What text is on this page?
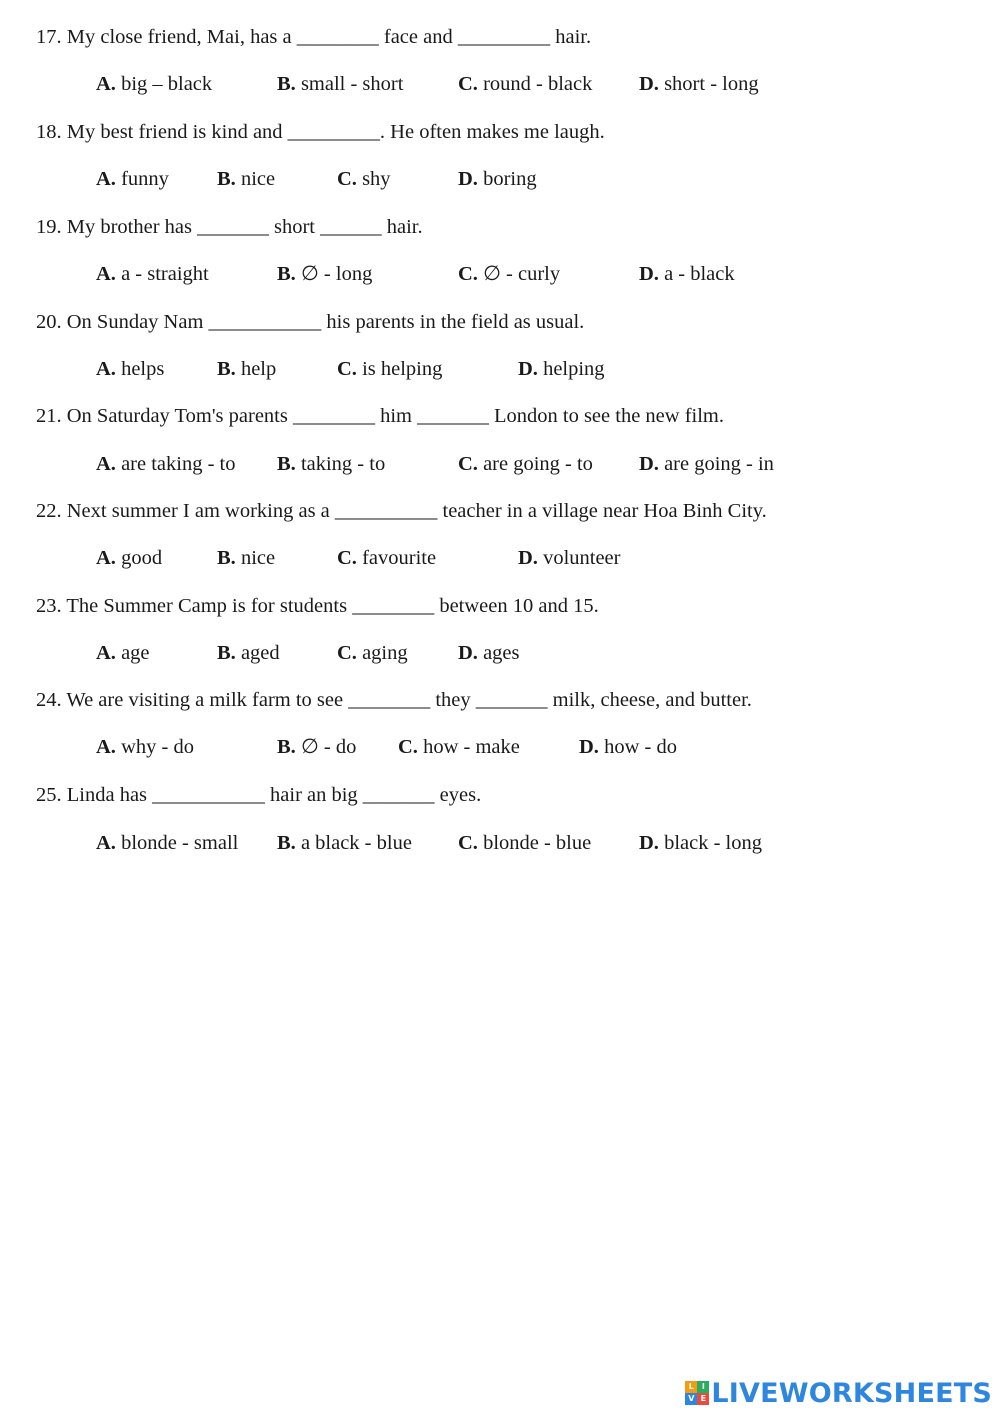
17. My close friend, Mai, has a ________ face and _________ hair.
A. big – black	B. small - short	C. round - black D. short - long
18. My best friend is kind and _________. He often makes me laugh.
A. funny B. nice	C. shy	D. boring
19. My brother has _______ short ______ hair.
A. a - straight	B. ∅ - long	C. ∅ - curly	D. a - black
20. On Sunday Nam ___________ his parents in the field as usual.
A. helps	B. help	C. is helping	D. helping
21. On Saturday Tom's parents ________ him _______ London to see the new film.
A. are taking - to B. taking - to	C. are going - to D. are going - in
22. Next summer I am working as a __________ teacher in a village near Hoa Binh City.
A. good	B. nice	C. favourite	D. volunteer
23. The Summer Camp is for students ________ between 10 and 15.
A. age	B. aged	C. aging D. ages
24. We are visiting a milk farm to see ________ they _______ milk, cheese, and butter.
A. why - do	B. ∅ - do C. how - make	D. how - do
25. Linda has ___________ hair an big _______ eyes.
A. blonde - small B. a black - blue C. blonde - blue D. black - long
L I
V E LIVEWORKSHEETS
